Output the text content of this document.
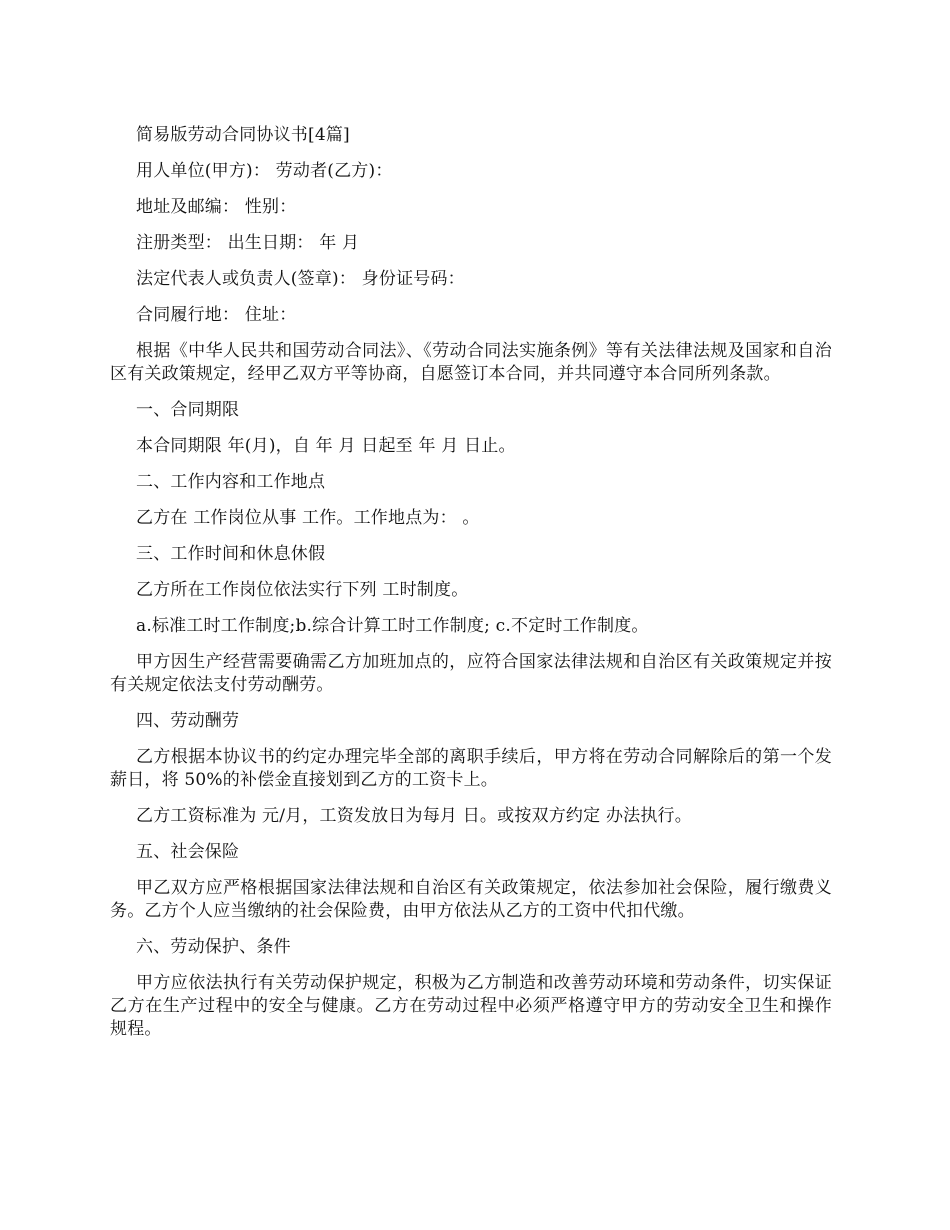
简易版劳动合同协议书[4篇]

用人单位(甲方)： 劳动者(乙方)：

地址及邮编： 性别：

注册类型： 出生日期： 年 月

法定代表人或负责人(签章)： 身份证号码：

合同履行地： 住址：

根据《中华人民共和国劳动合同法》、《劳动合同法实施条例》等有关法律法规及国家和自治区有关政策规定，经甲乙双方平等协商，自愿签订本合同，并共同遵守本合同所列条款。

一、合同期限

本合同期限 年(月)，自 年 月 日起至 年 月 日止。

二、工作内容和工作地点

乙方在 工作岗位从事 工作。工作地点为： 。

三、工作时间和休息休假

乙方所在工作岗位依法实行下列 工时制度。

a.标准工时工作制度;b.综合计算工时工作制度; c.不定时工作制度。

甲方因生产经营需要确需乙方加班加点的，应符合国家法律法规和自治区有关政策规定并按有关规定依法支付劳动酬劳。

四、劳动酬劳

乙方根据本协议书的约定办理完毕全部的离职手续后，甲方将在劳动合同解除后的第一个发薪日，将 50%的补偿金直接划到乙方的工资卡上。

乙方工资标准为 元/月，工资发放日为每月 日。或按双方约定 办法执行。

五、社会保险

甲乙双方应严格根据国家法律法规和自治区有关政策规定，依法参加社会保险，履行缴费义务。乙方个人应当缴纳的社会保险费，由甲方依法从乙方的工资中代扣代缴。

六、劳动保护、条件

甲方应依法执行有关劳动保护规定，积极为乙方制造和改善劳动环境和劳动条件，切实保证乙方在生产过程中的安全与健康。乙方在劳动过程中必须严格遵守甲方的劳动安全卫生和操作规程。
